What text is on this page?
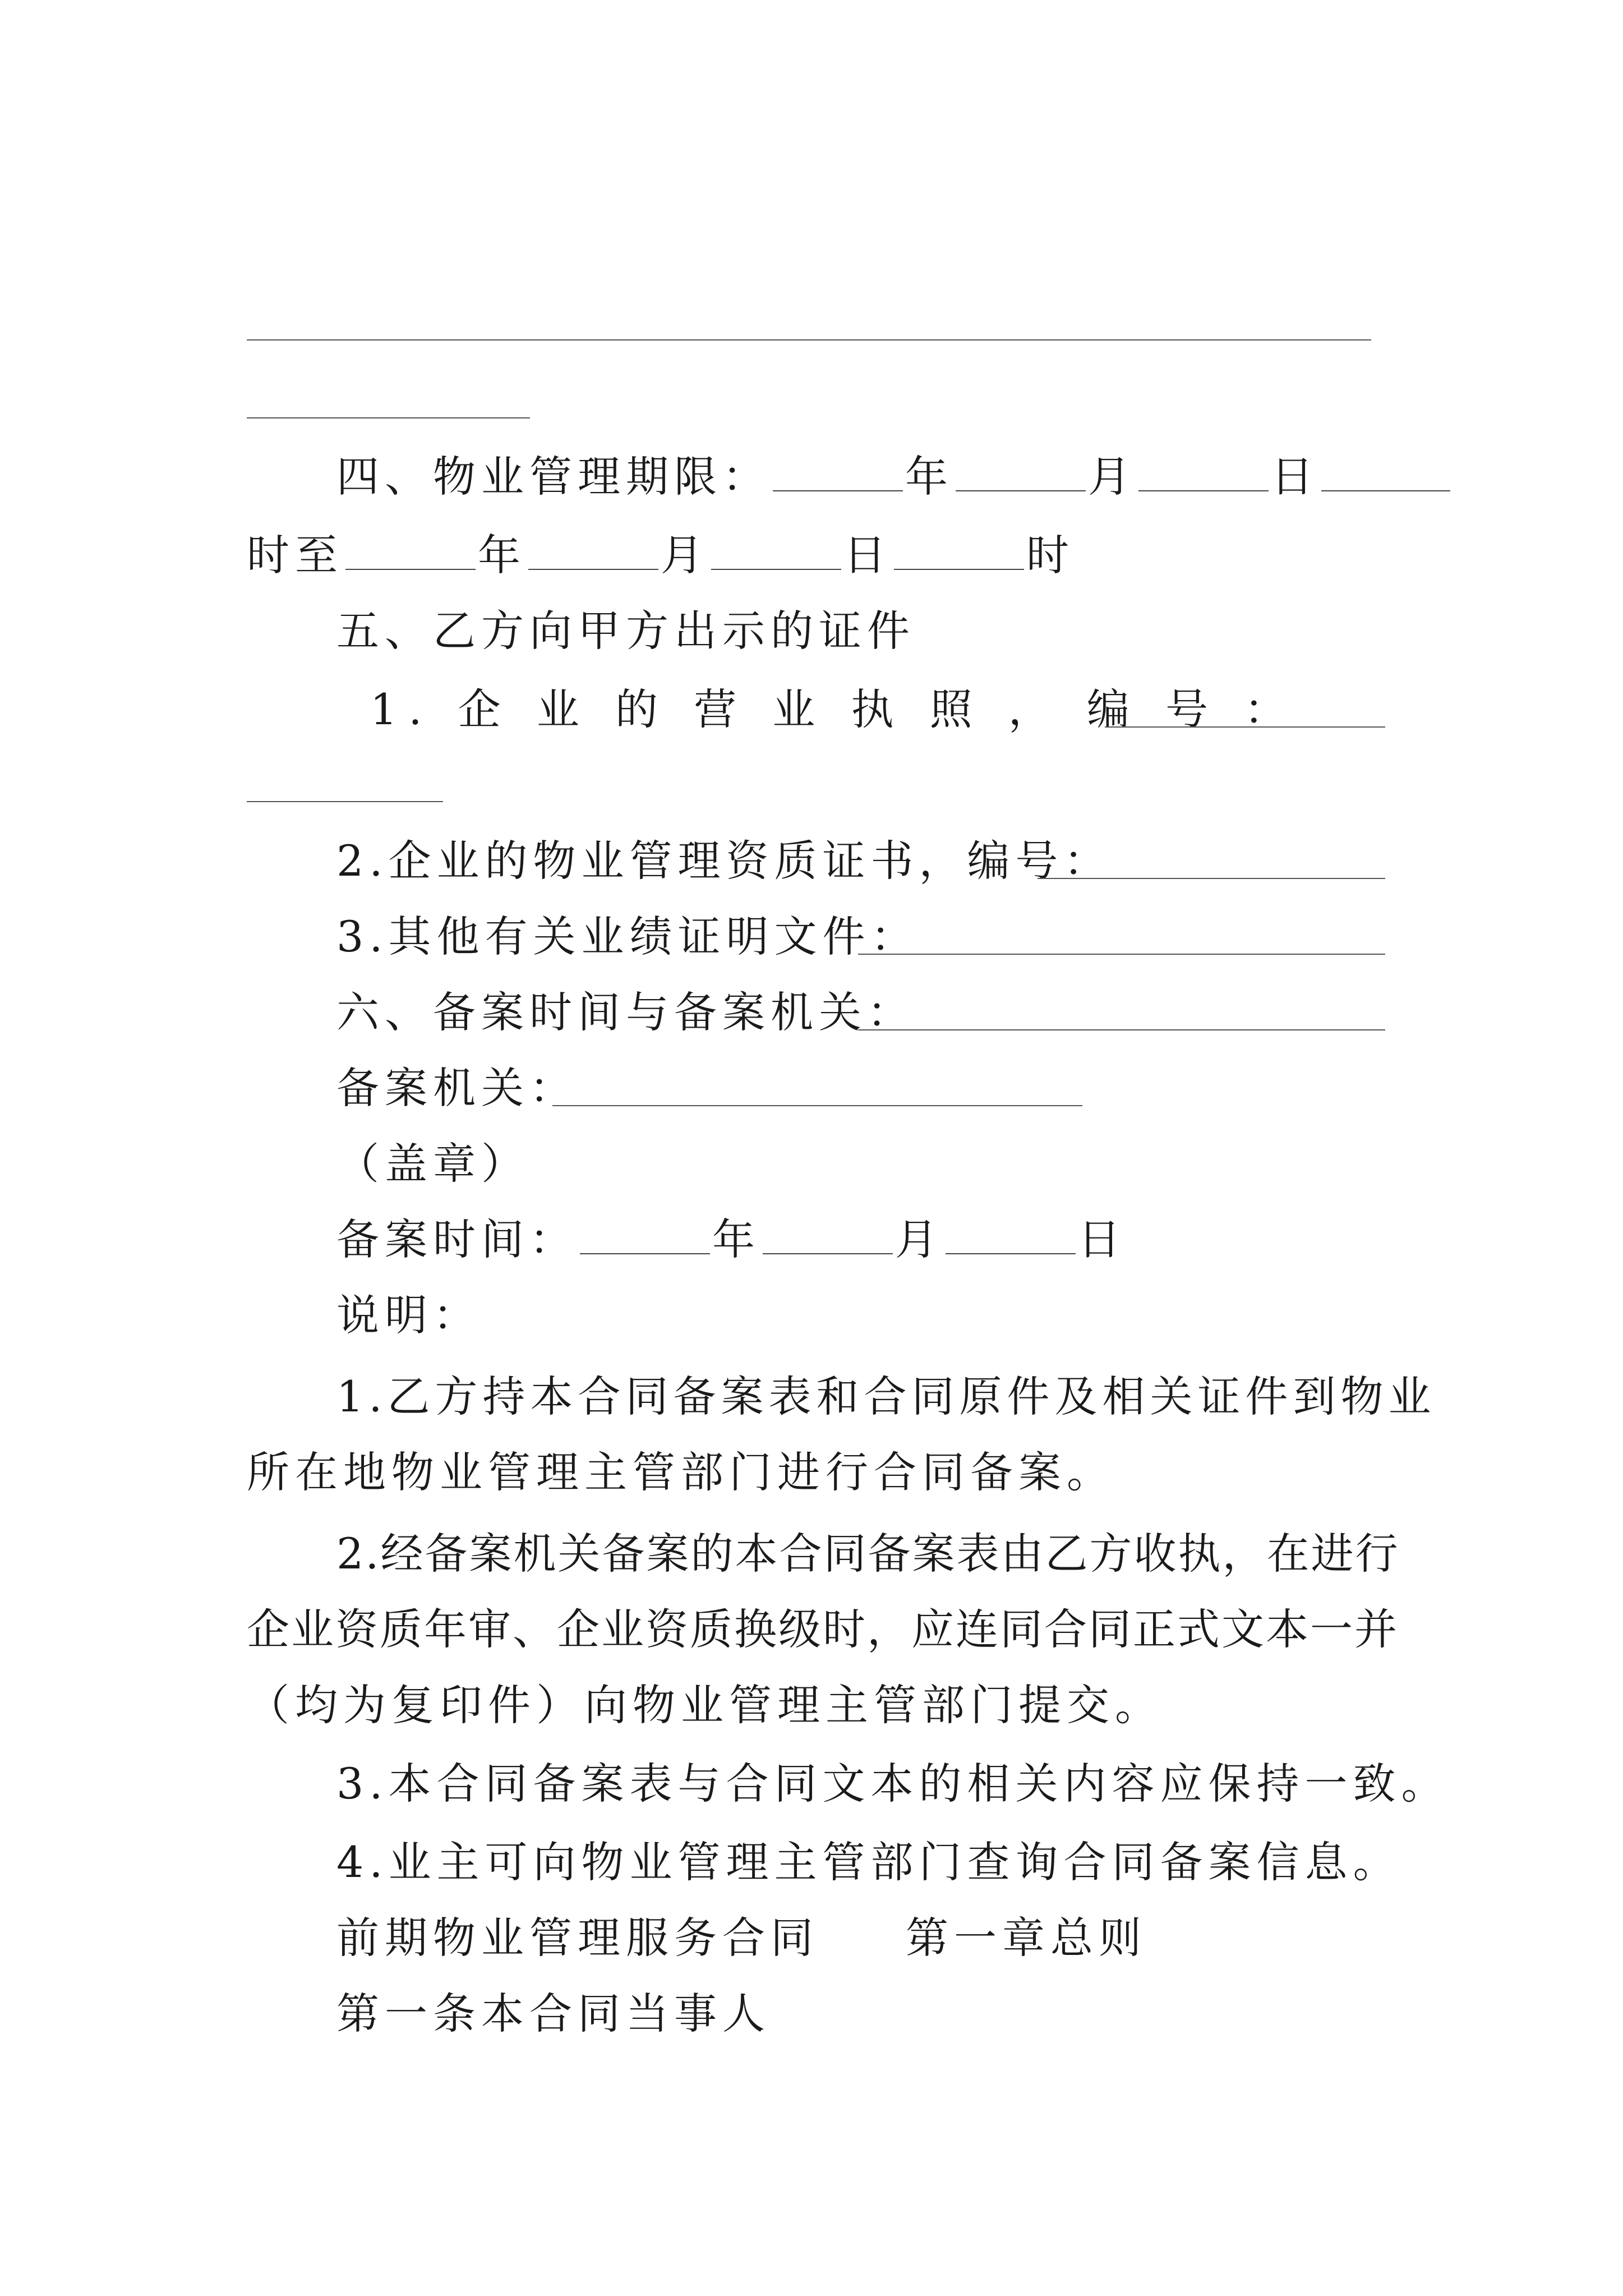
四、物业管理期限：	年	月	日
时至	年	月	日	时
五、乙方向甲方出示的证件
1. 企 业 的 营 业 执 照 ， 编 号 ：
2.企业的物业管理资质证书，编号：
3.其他有关业绩证明文件：
六、备案时间与备案机关：
备案机关：
（盖章）
备案时间：	年	月	日
说明：
1.乙方持本合同备案表和合同原件及相关证件到物业
所在地物业管理主管部门进行合同备案。
2.经备案机关备案的本合同备案表由乙方收执，在进行
企业资质年审、企业资质换级时，应连同合同正式文本一并
（均为复印件）向物业管理主管部门提交。
3.本合同备案表与合同文本的相关内容应保持一致。
4.业主可向物业管理主管部门查询合同备案信息。
前期物业管理服务合同 第一章总则
第一条本合同当事人
